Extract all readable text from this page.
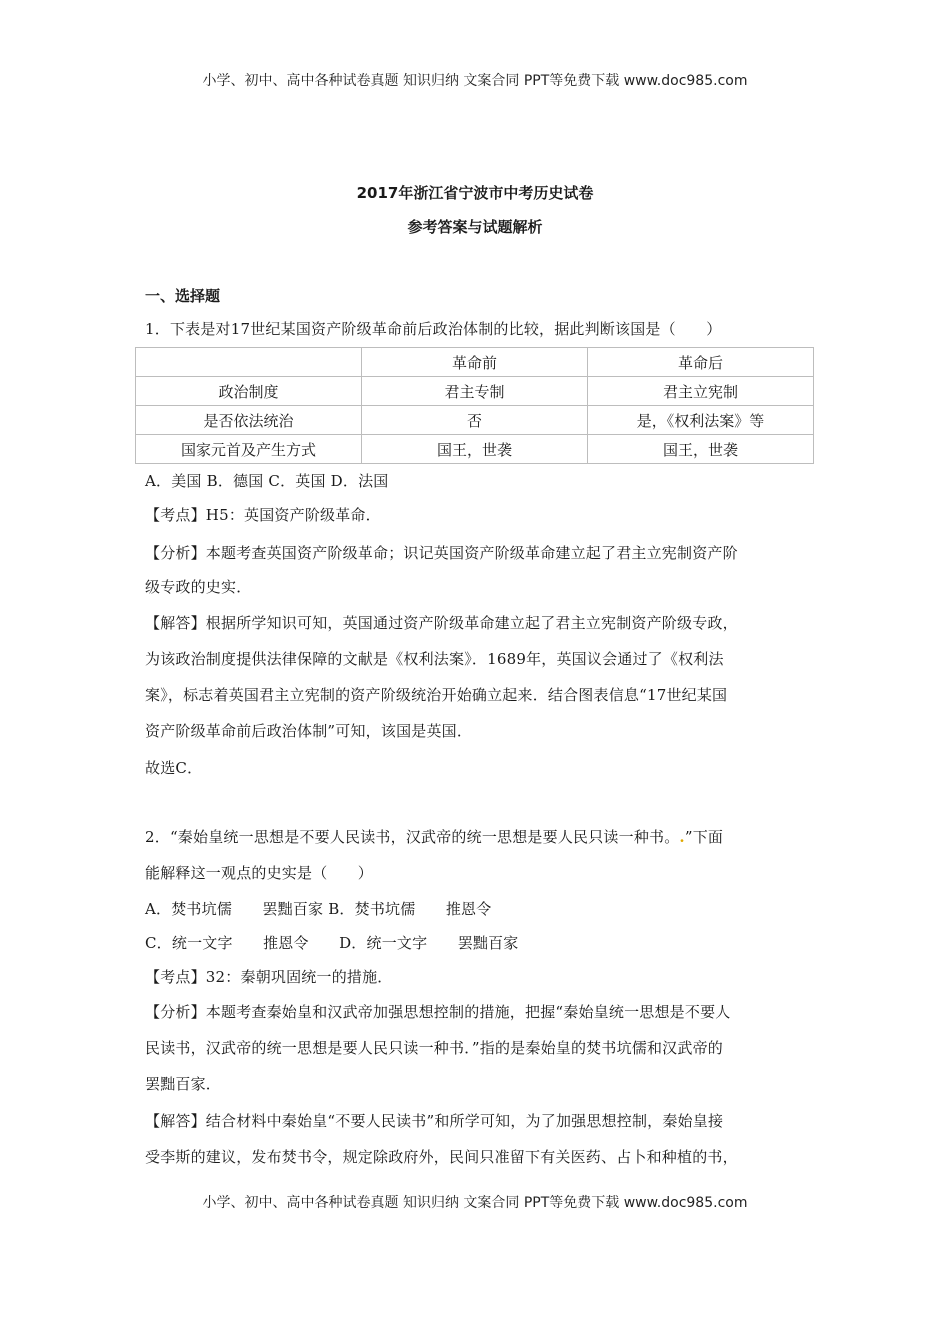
小学、初中、高中各种试卷真题 知识归纳 文案合同 PPT等免费下载 www.doc985.com
2017年浙江省宁波市中考历史试卷
参考答案与试题解析
一、选择题
1．下表是对17世纪某国资产阶级革命前后政治体制的比较，据此判断该国是（　　）
	革命前	革命后
政治制度	君主专制	君主立宪制
是否依法统治	否	是，《权利法案》等
国家元首及产生方式	国王，世袭	国王，世袭
A．美国 B．德国 C．英国 D．法国
【考点】H5：英国资产阶级革命．
【分析】本题考查英国资产阶级革命；识记英国资产阶级革命建立起了君主立宪制资产阶
级专政的史实．
【解答】根据所学知识可知，英国通过资产阶级革命建立起了君主立宪制资产阶级专政，
为该政治制度提供法律保障的文献是《权利法案》．1689年，英国议会通过了《权利法
案》，标志着英国君主立宪制的资产阶级统治开始确立起来．结合图表信息“17世纪某国
资产阶级革命前后政治体制”可知，该国是英国．
故选C．
2．“秦始皇统一思想是不要人民读书，汉武帝的统一思想是要人民只读一种书。.”下面
能解释这一观点的史实是（　　）
A．焚书坑儒　　罢黜百家 B．焚书坑儒　　推恩令
C．统一文字　　推恩令　　D．统一文字　　罢黜百家
【考点】32：秦朝巩固统一的措施．
【分析】本题考查秦始皇和汉武帝加强思想控制的措施，把握“秦始皇统一思想是不要人
民读书，汉武帝的统一思想是要人民只读一种书．”指的是秦始皇的焚书坑儒和汉武帝的
罢黜百家．
【解答】结合材料中秦始皇“不要人民读书”和所学可知，为了加强思想控制，秦始皇接
受李斯的建议，发布焚书令，规定除政府外，民间只准留下有关医药、占卜和种植的书，
小学、初中、高中各种试卷真题 知识归纳 文案合同 PPT等免费下载 www.doc985.com
